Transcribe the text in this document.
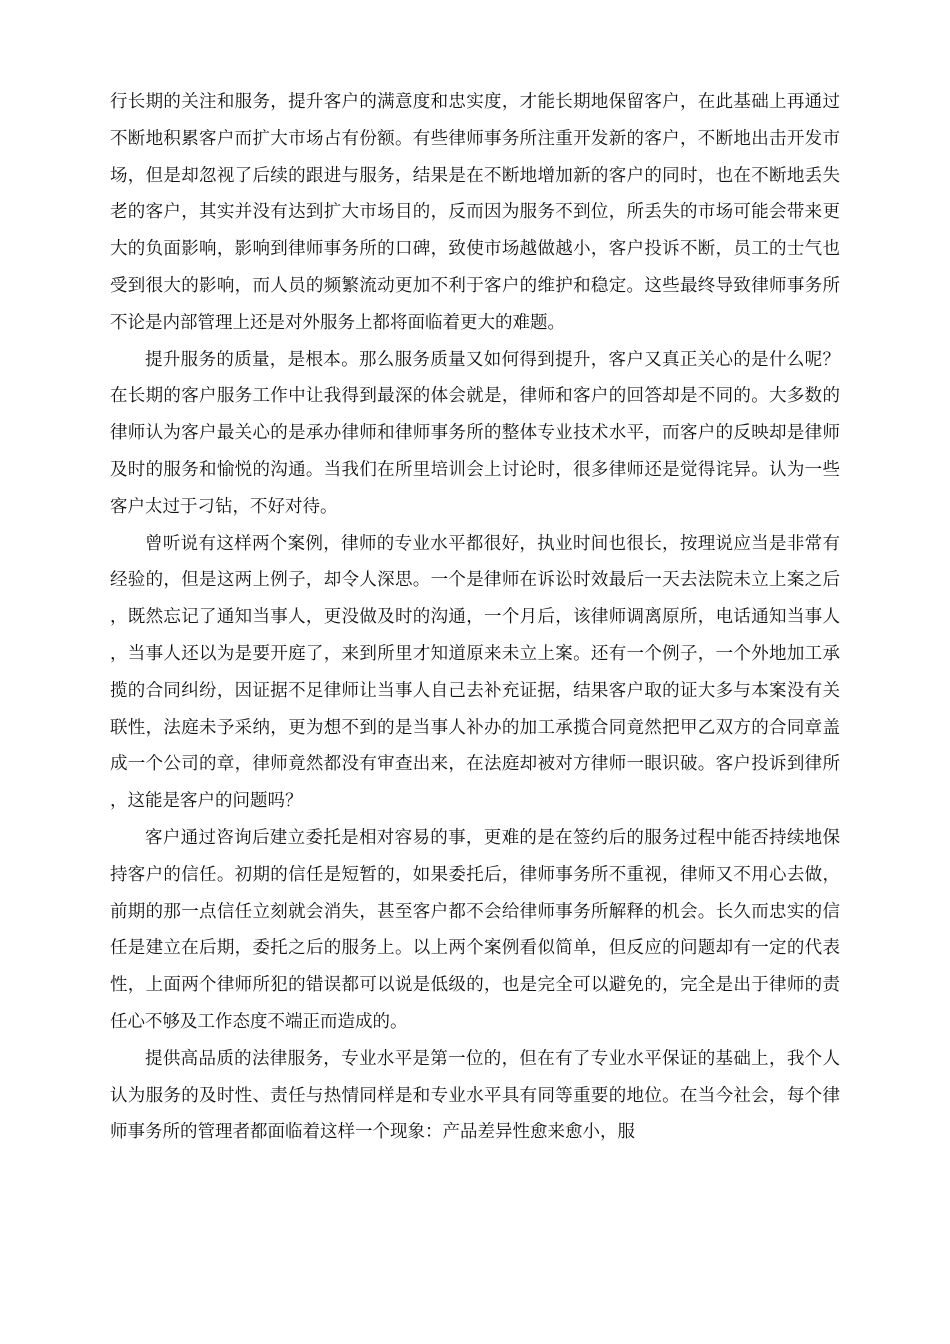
行长期的关注和服务，提升客户的满意度和忠实度，才能长期地保留客户，在此基础上再通过不断地积累客户而扩大市场占有份额。有些律师事务所注重开发新的客户，不断地出击开发市场，但是却忽视了后续的跟进与服务，结果是在不断地增加新的客户的同时，也在不断地丢失老的客户，其实并没有达到扩大市场目的，反而因为服务不到位，所丢失的市场可能会带来更大的负面影响，影响到律师事务所的口碑，致使市场越做越小，客户投诉不断，员工的士气也受到很大的影响，而人员的频繁流动更加不利于客户的维护和稳定。这些最终导致律师事务所不论是内部管理上还是对外服务上都将面临着更大的难题。

提升服务的质量，是根本。那么服务质量又如何得到提升，客户又真正关心的是什么呢？在长期的客户服务工作中让我得到最深的体会就是，律师和客户的回答却是不同的。大多数的律师认为客户最关心的是承办律师和律师事务所的整体专业技术水平，而客户的反映却是律师及时的服务和愉悦的沟通。当我们在所里培训会上讨论时，很多律师还是觉得诧异。认为一些客户太过于刁钻，不好对待。

曾听说有这样两个案例，律师的专业水平都很好，执业时间也很长，按理说应当是非常有经验的，但是这两上例子，却令人深思。一个是律师在诉讼时效最后一天去法院未立上案之后，既然忘记了通知当事人，更没做及时的沟通，一个月后，该律师调离原所，电话通知当事人，当事人还以为是要开庭了，来到所里才知道原来未立上案。还有一个例子，一个外地加工承揽的合同纠纷，因证据不足律师让当事人自己去补充证据，结果客户取的证大多与本案没有关联性，法庭未予采纳，更为想不到的是当事人补办的加工承揽合同竟然把甲乙双方的合同章盖成一个公司的章，律师竟然都没有审查出来，在法庭却被对方律师一眼识破。客户投诉到律所，这能是客户的问题吗？

客户通过咨询后建立委托是相对容易的事，更难的是在签约后的服务过程中能否持续地保持客户的信任。初期的信任是短暂的，如果委托后，律师事务所不重视，律师又不用心去做，前期的那一点信任立刻就会消失，甚至客户都不会给律师事务所解释的机会。长久而忠实的信任是建立在后期，委托之后的服务上。以上两个案例看似简单，但反应的问题却有一定的代表性，上面两个律师所犯的错误都可以说是低级的，也是完全可以避免的，完全是出于律师的责任心不够及工作态度不端正而造成的。

提供高品质的法律服务，专业水平是第一位的，但在有了专业水平保证的基础上，我个人认为服务的及时性、责任与热情同样是和专业水平具有同等重要的地位。在当今社会，每个律师事务所的管理者都面临着这样一个现象：产品差异性愈来愈小，服
